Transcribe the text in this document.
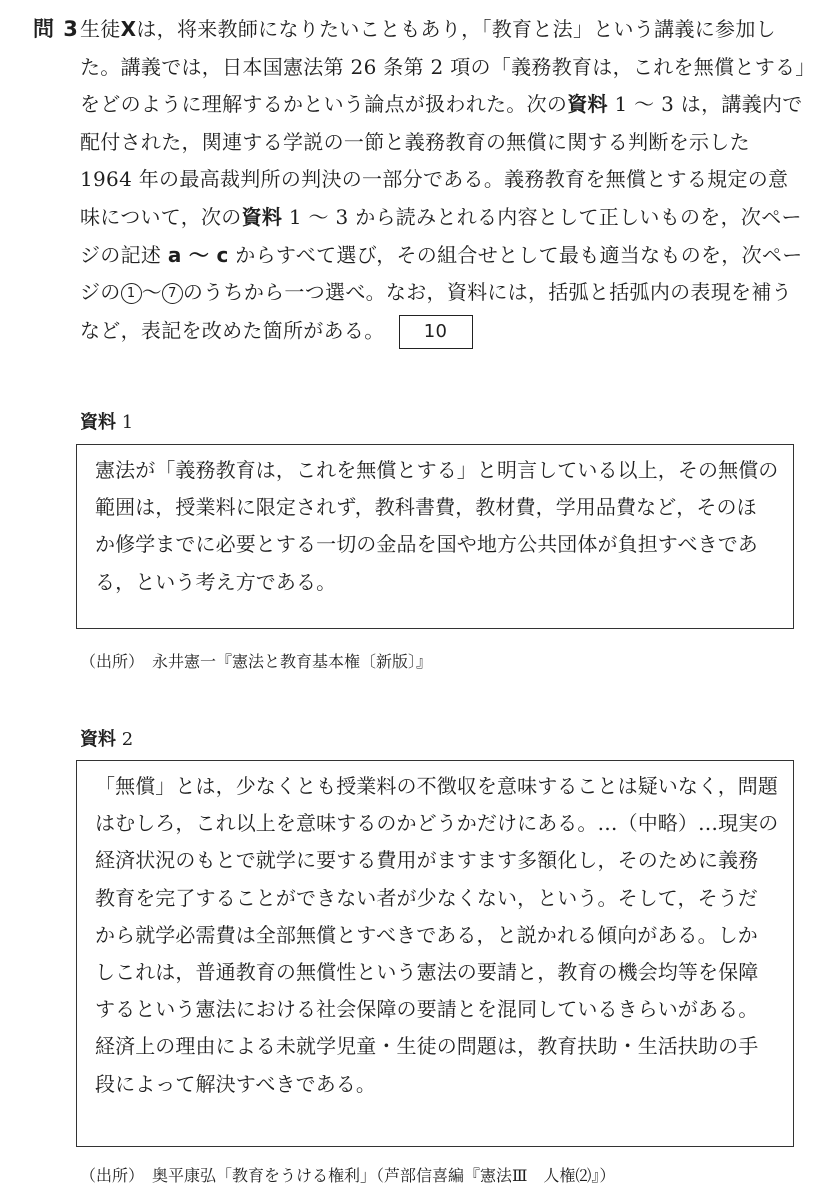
問 3 生徒Xは，将来教師になりたいこともあり，「教育と法」という講義に参加し
た。講義では，日本国憲法第 26 条第 2 項の「義務教育は，これを無償とする」
をどのように理解するかという論点が扱われた。次の資料 1 ～ 3 は，講義内で
配付された，関連する学説の一節と義務教育の無償に関する判断を示した
1964 年の最高裁判所の判決の一部分である。義務教育を無償とする規定の意
味について，次の資料 1 ～ 3 から読みとれる内容として正しいものを，次ペー
ジの記述 a ～ c からすべて選び，その組合せとして最も適当なものを，次ペー
ジの 1 ～ 7 のうちから一つ選べ。なお，資料には，括弧と括弧内の表現を補う
など，表記を改めた箇所がある。 10
資料 1
憲法が「義務教育は，これを無償とする」と明言している以上，その無償の
範囲は，授業料に限定されず，教科書費，教材費，学用品費など，そのほ
か修学までに必要とする一切の金品を国や地方公共団体が負担すべきであ
る，という考え方である。
（出所）　永井憲一『憲法と教育基本権〔新版〕』
資料 2
「無償」とは，少なくとも授業料の不徴収を意味することは疑いなく，問題
はむしろ，これ以上を意味するのかどうかだけにある。…（中略）…現実の
経済状況のもとで就学に要する費用がますます多額化し，そのために義務
教育を完了することができない者が少なくない，という。そして，そうだ
から就学必需費は全部無償とすべきである，と説かれる傾向がある。しか
しこれは，普通教育の無償性という憲法の要請と，教育の機会均等を保障
するという憲法における社会保障の要請とを混同しているきらいがある。
経済上の理由による未就学児童・生徒の問題は，教育扶助・生活扶助の手
段によって解決すべきである。
（出所）　奥平康弘「教育をうける権利」（芦部信喜編『憲法Ⅲ　人権⑵』）
